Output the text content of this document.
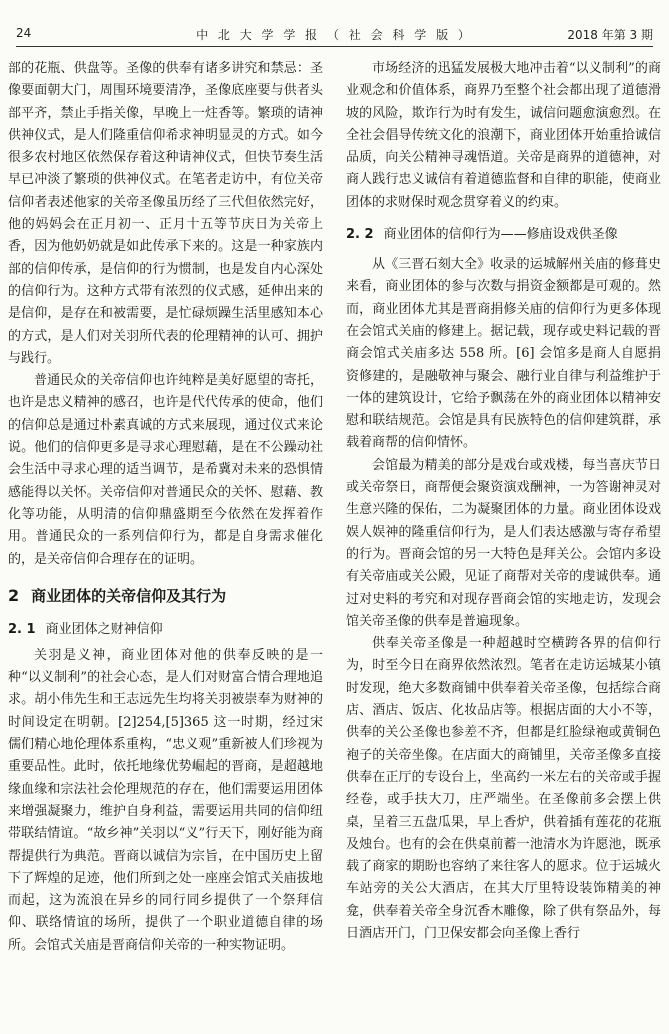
24	中 北 大 学 学 报 （ 社 会 科 学 版 ）	2018 年第 3 期

部的花瓶、供盘等。圣像的供奉有诸多讲究和禁忌：圣像要面朝大门，周围环境要清净，圣像底座要与供者头部平齐，禁止手指关像，早晚上一炷香等。繁琐的请神供神仪式，是人们隆重信仰希求神明显灵的方式。如今很多农村地区依然保存着这种请神仪式，但快节奏生活早已冲淡了繁琐的供神仪式。在笔者走访中，有位关帝信仰者表述他家的关帝圣像虽历经了三代但依然完好，他的妈妈会在正月初一、正月十五等节庆日为关帝上香，因为他奶奶就是如此传承下来的。这是一种家族内部的信仰传承，是信仰的行为惯制，也是发自内心深处的信仰行为。这种方式带有浓烈的仪式感，延伸出来的是信仰，是存在和被需要，是忙碌烦躁生活里感知本心的方式，是人们对关羽所代表的伦理精神的认可、拥护与践行。

普通民众的关帝信仰也许纯粹是美好愿望的寄托，也许是忠义精神的感召，也许是代代传承的使命，他们的信仰总是通过朴素真诚的方式来展现，通过仪式来论说。他们的信仰更多是寻求心理慰藉，是在不公躁动社会生活中寻求心理的适当调节，是希冀对未来的恐惧情感能得以关怀。关帝信仰对普通民众的关怀、慰藉、教化等功能，从明清的信仰鼎盛期至今依然在发挥着作用。普通民众的一系列信仰行为，都是自身需求催化的，是关帝信仰合理存在的证明。

2 商业团体的关帝信仰及其行为
2. 1 商业团体之财神信仰

关羽是义神，商业团体对他的供奉反映的是一种“以义制利”的社会心态，是人们对财富合情合理地追求。胡小伟先生和王志远先生均将关羽被崇奉为财神的时间设定在明朝。[2]254,[5]365 这一时期，经过宋儒们精心地伦理体系重构，“忠义观”重新被人们珍视为重要品性。此时，依托地缘优势崛起的晋商，是超越地缘血缘和宗法社会伦理规范的存在，他们需要运用团体来增强凝聚力，维护自身利益，需要运用共同的信仰纽带联结情谊。“故乡神”关羽以“义”行天下，刚好能为商帮提供行为典范。晋商以诚信为宗旨，在中国历史上留下了辉煌的足迹，他们所到之处一座座会馆式关庙拔地而起，这为流浪在异乡的同行同乡提供了一个祭拜信仰、联络情谊的场所，提供了一个职业道德自律的场所。会馆式关庙是晋商信仰关帝的一种实物证明。

市场经济的迅猛发展极大地冲击着“以义制利”的商业观念和价值体系，商界乃至整个社会都出现了道德滑坡的风险，欺诈行为时有发生，诚信问题愈演愈烈。在全社会倡导传统文化的浪潮下，商业团体开始重拾诚信品质，向关公精神寻魂悟道。关帝是商界的道德神，对商人践行忠义诚信有着道德监督和自律的职能，使商业团体的求财保时观念贯穿着义的约束。

2. 2 商业团体的信仰行为——修庙设戏供圣像

从《三晋石刻大全》收录的运城解州关庙的修葺史来看，商业团体的参与次数与捐资金额都是可观的。然而，商业团体尤其是晋商捐修关庙的信仰行为更多体现在会馆式关庙的修建上。据记载，现存或史料记载的晋商会馆式关庙多达 558 所。[6] 会馆多是商人自愿捐资修建的，是融敬神与聚会、融行业自律与利益维护于一体的建筑设计，它给予飘荡在外的商业团体以精神安慰和联结规范。会馆是具有民族特色的信仰建筑群，承载着商帮的信仰情怀。

会馆最为精美的部分是戏台或戏楼，每当喜庆节日或关帝祭日，商帮便会聚资演戏酬神，一为答谢神灵对生意兴隆的保佑，二为凝聚团体的力量。商业团体设戏娱人娱神的隆重信仰行为，是人们表达感激与寄存希望的行为。晋商会馆的另一大特色是拜关公。会馆内多设有关帝庙或关公殿，见证了商帮对关帝的虔诚供奉。通过对史料的考究和对现存晋商会馆的实地走访，发现会馆关帝圣像的供奉是普遍现象。

供奉关帝圣像是一种超越时空横跨各界的信仰行为，时至今日在商界依然浓烈。笔者在走访运城某小镇时发现，绝大多数商铺中供奉着关帝圣像，包括综合商店、酒店、饭店、化妆品店等。根据店面的大小不等，供奉的关公圣像也参差不齐，但都是红脸绿袍或黄铜色袍子的关帝坐像。在店面大的商铺里，关帝圣像多直接供奉在正厅的专设台上，坐高约一米左右的关帝或手握经卷，或手扶大刀，庄严端坐。在圣像前多会摆上供桌，呈着三五盘瓜果，早上香炉，供着插有莲花的花瓶及烛台。也有的会在供桌前蓄一池清水为许愿池，既承载了商家的期盼也容纳了来往客人的愿求。位于运城火车站旁的关公大酒店，在其大厅里特设装饰精美的神龛，供奉着关帝全身沉香木雕像，除了供有祭品外，每日酒店开门，门卫保安都会向圣像上香行
